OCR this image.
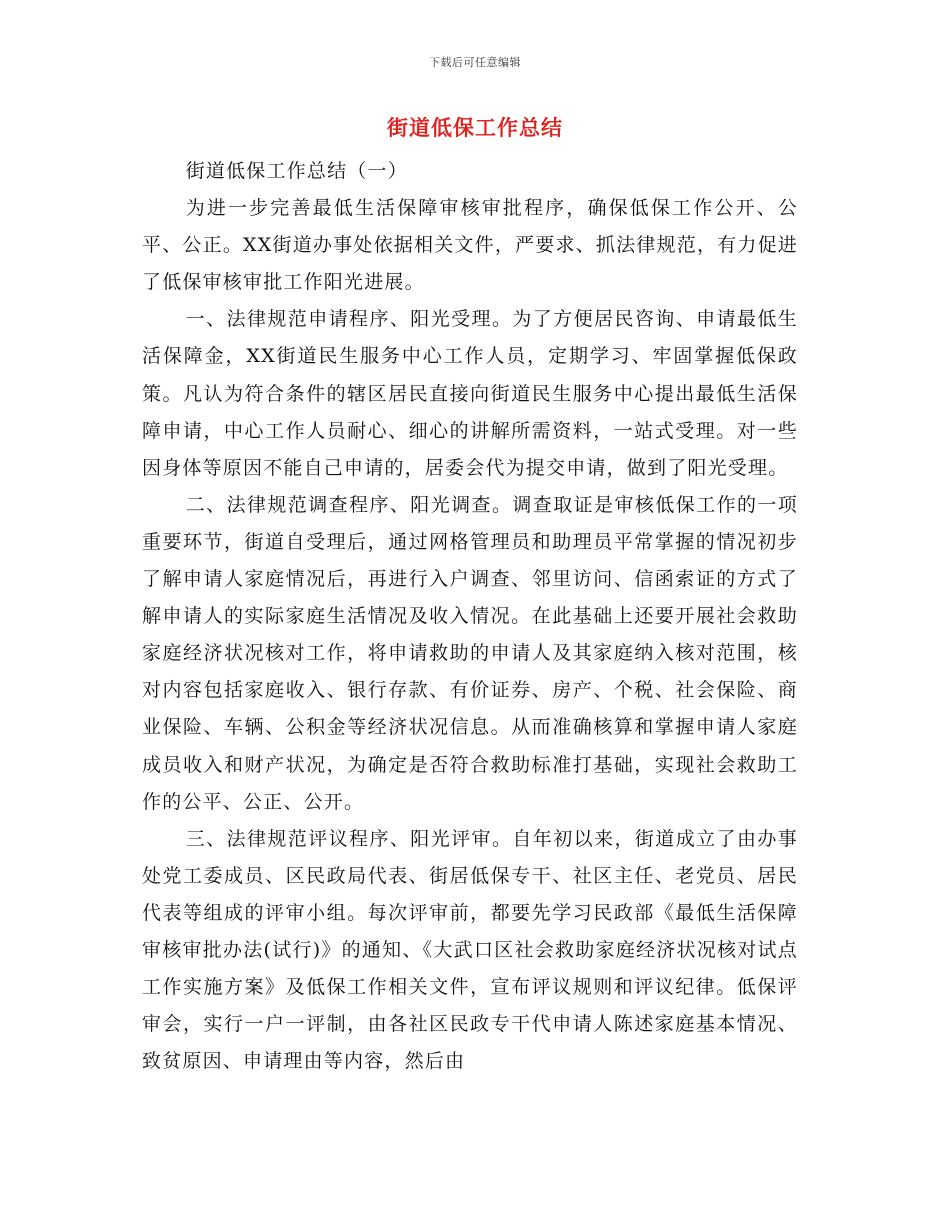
下载后可任意编辑
街道低保工作总结

街道低保工作总结（一）

为进一步完善最低生活保障审核审批程序，确保低保工作公开、公平、公正。XX街道办事处依据相关文件，严要求、抓法律规范，有力促进了低保审核审批工作阳光进展。

一、法律规范申请程序、阳光受理。为了方便居民咨询、申请最低生活保障金，XX街道民生服务中心工作人员，定期学习、牢固掌握低保政策。凡认为符合条件的辖区居民直接向街道民生服务中心提出最低生活保障申请，中心工作人员耐心、细心的讲解所需资料，一站式受理。对一些因身体等原因不能自己申请的，居委会代为提交申请，做到了阳光受理。

二、法律规范调查程序、阳光调查。调查取证是审核低保工作的一项重要环节，街道自受理后，通过网格管理员和助理员平常掌握的情况初步了解申请人家庭情况后，再进行入户调查、邻里访问、信函索证的方式了解申请人的实际家庭生活情况及收入情况。在此基础上还要开展社会救助家庭经济状况核对工作，将申请救助的申请人及其家庭纳入核对范围，核对内容包括家庭收入、银行存款、有价证券、房产、个税、社会保险、商业保险、车辆、公积金等经济状况信息。从而准确核算和掌握申请人家庭成员收入和财产状况，为确定是否符合救助标准打基础，实现社会救助工作的公平、公正、公开。

三、法律规范评议程序、阳光评审。自年初以来，街道成立了由办事处党工委成员、区民政局代表、街居低保专干、社区主任、老党员、居民代表等组成的评审小组。每次评审前，都要先学习民政部《最低生活保障审核审批办法(试行)》的通知、《大武口区社会救助家庭经济状况核对试点工作实施方案》及低保工作相关文件，宣布评议规则和评议纪律。低保评审会，实行一户一评制，由各社区民政专干代申请人陈述家庭基本情况、致贫原因、申请理由等内容，然后由
